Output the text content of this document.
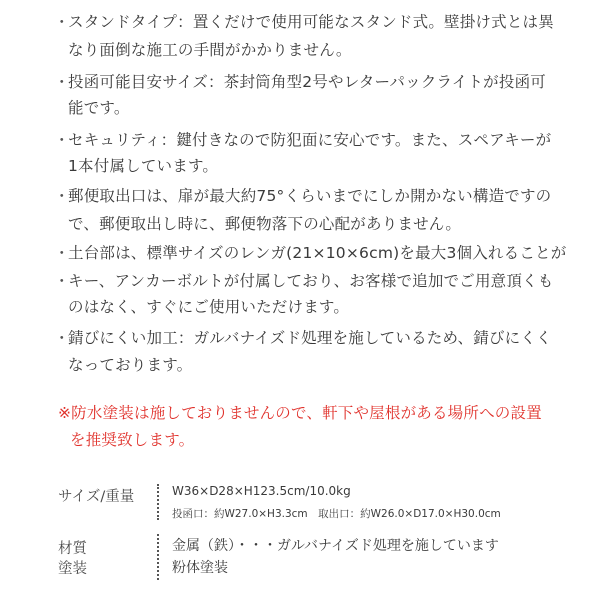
・
スタンドタイプ：置くだけで使用可能なスタンド式。壁掛け式とは異
なり面倒な施工の手間がかかりません。
・
投函可能目安サイズ：茶封筒角型2号やレターパックライトが投函可
能です。
・
セキュリティ：鍵付きなので防犯面に安心です。また、スペアキーが
1本付属しています。
・
郵便取出口は、扉が最大約75°くらいまでにしか開かない構造ですの
で、郵便取出し時に、郵便物落下の心配がありません。
・
土台部は、標準サイズのレンガ(21×10×6cm)を最大3個入れることが
・
キー、アンカーボルトが付属しており、お客様で追加でご用意頂くも
のはなく、すぐにご使用いただけます。
・
錆びにくい加工：ガルバナイズド処理を施しているため、錆びにくく
なっております。
※防水塗装は施しておりませんので、軒下や屋根がある場所への設置
を推奨致します。
サイズ/重量	W36×D28×H123.5cm/10.0kg
投函口：約W27.0×H3.3cm　取出口：約W26.0×D17.0×H30.0cm
材質
塗装
金属（鉄）・・・ガルバナイズド処理を施しています
粉体塗装
